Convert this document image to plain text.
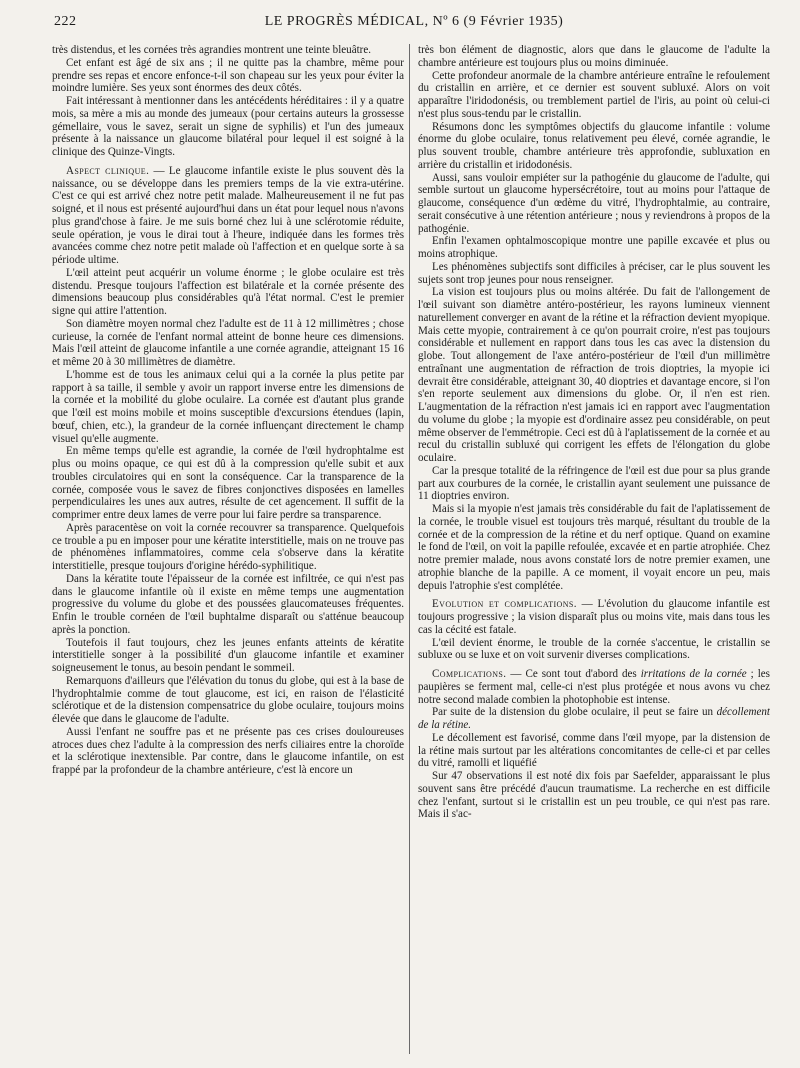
222	LE PROGRÈS MÉDICAL, Nº 6 (9 Février 1935)

très distendus, et les cornées très agrandies montrent une teinte bleuâtre.

Cet enfant est âgé de six ans ; il ne quitte pas la chambre, même pour prendre ses repas et encore enfonce-t-il son chapeau sur les yeux pour éviter la moindre lumière. Ses yeux sont énormes des deux côtés.

Fait intéressant à mentionner dans les antécédents héréditaires : il y a quatre mois, sa mère a mis au monde des jumeaux (pour certains auteurs la grossesse gémellaire, vous le savez, serait un signe de syphilis) et l'un des jumeaux présente à la naissance un glaucome bilatéral pour lequel il est soigné à la clinique des Quinze-Vingts.

Aspect clinique. — Le glaucome infantile existe le plus souvent dès la naissance, ou se développe dans les premiers temps de la vie extra-utérine. C'est ce qui est arrivé chez notre petit malade. Malheureusement il ne fut pas soigné, et il nous est présenté aujourd'hui dans un état pour lequel nous n'avons plus grand'chose à faire. Je me suis borné chez lui à une sclérotomie réduite, seule opération, je vous le dirai tout à l'heure, indiquée dans les formes très avancées comme chez notre petit malade où l'affection et en quelque sorte à sa période ultime.

L'œil atteint peut acquérir un volume énorme ; le globe oculaire est très distendu. Presque toujours l'affection est bilatérale et la cornée présente des dimensions beaucoup plus considérables qu'à l'état normal. C'est le premier signe qui attire l'attention.

Son diamètre moyen normal chez l'adulte est de 11 à 12 millimètres ; chose curieuse, la cornée de l'enfant normal atteint de bonne heure ces dimensions. Mais l'œil atteint de glaucome infantile a une cornée agrandie, atteignant 15 16 et même 20 à 30 millimètres de diamètre.

L'homme est de tous les animaux celui qui a la cornée la plus petite par rapport à sa taille, il semble y avoir un rapport inverse entre les dimensions de la cornée et la mobilité du globe oculaire. La cornée est d'autant plus grande que l'œil est moins mobile et moins susceptible d'excursions étendues (lapin, bœuf, chien, etc.), la grandeur de la cornée influençant directement le champ visuel qu'elle augmente.

En même temps qu'elle est agrandie, la cornée de l'œil hydrophtalme est plus ou moins opaque, ce qui est dû à la compression qu'elle subit et aux troubles circulatoires qui en sont la conséquence. Car la transparence de la cornée, composée vous le savez de fibres conjonctives disposées en lamelles perpendiculaires les unes aux autres, résulte de cet agencement. Il suffit de la comprimer entre deux lames de verre pour lui faire perdre sa transparence.

Après paracentèse on voit la cornée recouvrer sa transparence. Quelquefois ce trouble a pu en imposer pour une kératite interstitielle, mais on ne trouve pas de phénomènes inflammatoires, comme cela s'observe dans la kératite interstitielle, presque toujours d'origine hérédo-syphilitique.

Dans la kératite toute l'épaisseur de la cornée est infiltrée, ce qui n'est pas dans le glaucome infantile où il existe en même temps une augmentation progressive du volume du globe et des poussées glaucomateuses fréquentes. Enfin le trouble cornéen de l'œil buphtalme disparaît ou s'atténue beaucoup après la ponction.

Toutefois il faut toujours, chez les jeunes enfants atteints de kératite interstitielle songer à la possibilité d'un glaucome infantile et examiner soigneusement le tonus, au besoin pendant le sommeil.

Remarquons d'ailleurs que l'élévation du tonus du globe, qui est à la base de l'hydrophtalmie comme de tout glaucome, est ici, en raison de l'élasticité sclérotique et de la distension compensatrice du globe oculaire, toujours moins élevée que dans le glaucome de l'adulte.

Aussi l'enfant ne souffre pas et ne présente pas ces crises douloureuses atroces dues chez l'adulte à la compression des nerfs ciliaires entre la choroïde et la sclérotique inextensible. Par contre, dans le glaucome infantile, on est frappé par la profondeur de la chambre antérieure, c'est là encore un

très bon élément de diagnostic, alors que dans le glaucome de l'adulte la chambre antérieure est toujours plus ou moins diminuée.

Cette profondeur anormale de la chambre antérieure entraîne le refoulement du cristallin en arrière, et ce dernier est souvent subluxé. Alors on voit apparaître l'iridodonésis, ou tremblement partiel de l'iris, au point où celui-ci n'est plus sous-tendu par le cristallin.

Résumons donc les symptômes objectifs du glaucome infantile : volume énorme du globe oculaire, tonus relativement peu élevé, cornée agrandie, le plus souvent trouble, chambre antérieure très approfondie, subluxation en arrière du cristallin et iridodonésis.

Aussi, sans vouloir empiéter sur la pathogénie du glaucome de l'adulte, qui semble surtout un glaucome hypersécrétoire, tout au moins pour l'attaque de glaucome, conséquence d'un œdème du vitré, l'hydrophtalmie, au contraire, serait consécutive à une rétention antérieure ; nous y reviendrons à propos de la pathogénie.

Enfin l'examen ophtalmoscopique montre une papille excavée et plus ou moins atrophique.

Les phénomènes subjectifs sont difficiles à préciser, car le plus souvent les sujets sont trop jeunes pour nous renseigner.

La vision est toujours plus ou moins altérée. Du fait de l'allongement de l'œil suivant son diamètre antéro-postérieur, les rayons lumineux viennent naturellement converger en avant de la rétine et la réfraction devient myopique. Mais cette myopie, contrairement à ce qu'on pourrait croire, n'est pas toujours considérable et nullement en rapport dans tous les cas avec la distension du globe. Tout allongement de l'axe antéro-postérieur de l'œil d'un millimètre entraînant une augmentation de réfraction de trois dioptries, la myopie ici devrait être considérable, atteignant 30, 40 dioptries et davantage encore, si l'on s'en reporte seulement aux dimensions du globe. Or, il n'en est rien. L'augmentation de la réfraction n'est jamais ici en rapport avec l'augmentation du volume du globe ; la myopie est d'ordinaire assez peu considérable, on peut même observer de l'emmétropie. Ceci est dû à l'aplatissement de la cornée et au recul du cristallin subluxé qui corrigent les effets de l'élongation du globe oculaire.

Car la presque totalité de la réfringence de l'œil est due pour sa plus grande part aux courbures de la cornée, le cristallin ayant seulement une puissance de 11 dioptries environ.

Mais si la myopie n'est jamais très considérable du fait de l'aplatissement de la cornée, le trouble visuel est toujours très marqué, résultant du trouble de la cornée et de la compression de la rétine et du nerf optique. Quand on examine le fond de l'œil, on voit la papille refoulée, excavée et en partie atrophiée. Chez notre premier malade, nous avons constaté lors de notre premier examen, une atrophie blanche de la papille. A ce moment, il voyait encore un peu, mais depuis l'atrophie s'est complétée.

Evolution et complications. — L'évolution du glaucome infantile est toujours progressive ; la vision disparaît plus ou moins vite, mais dans tous les cas la cécité est fatale.

L'œil devient énorme, le trouble de la cornée s'accentue, le cristallin se subluxe ou se luxe et on voit survenir diverses complications.

Complications. — Ce sont tout d'abord des irritations de la cornée ; les paupières se ferment mal, celle-ci n'est plus protégée et nous avons vu chez notre second malade combien la photophobie est intense.

Par suite de la distension du globe oculaire, il peut se faire un décollement de la rétine.

Le décollement est favorisé, comme dans l'œil myope, par la distension de la rétine mais surtout par les altérations concomitantes de celle-ci et par celles du vitré, ramolli et liquéfié

Sur 47 observations il est noté dix fois par Saefelder, apparaissant le plus souvent sans être précédé d'aucun traumatisme. La recherche en est difficile chez l'enfant, surtout si le cristallin est un peu trouble, ce qui n'est pas rare. Mais il s'ac-
